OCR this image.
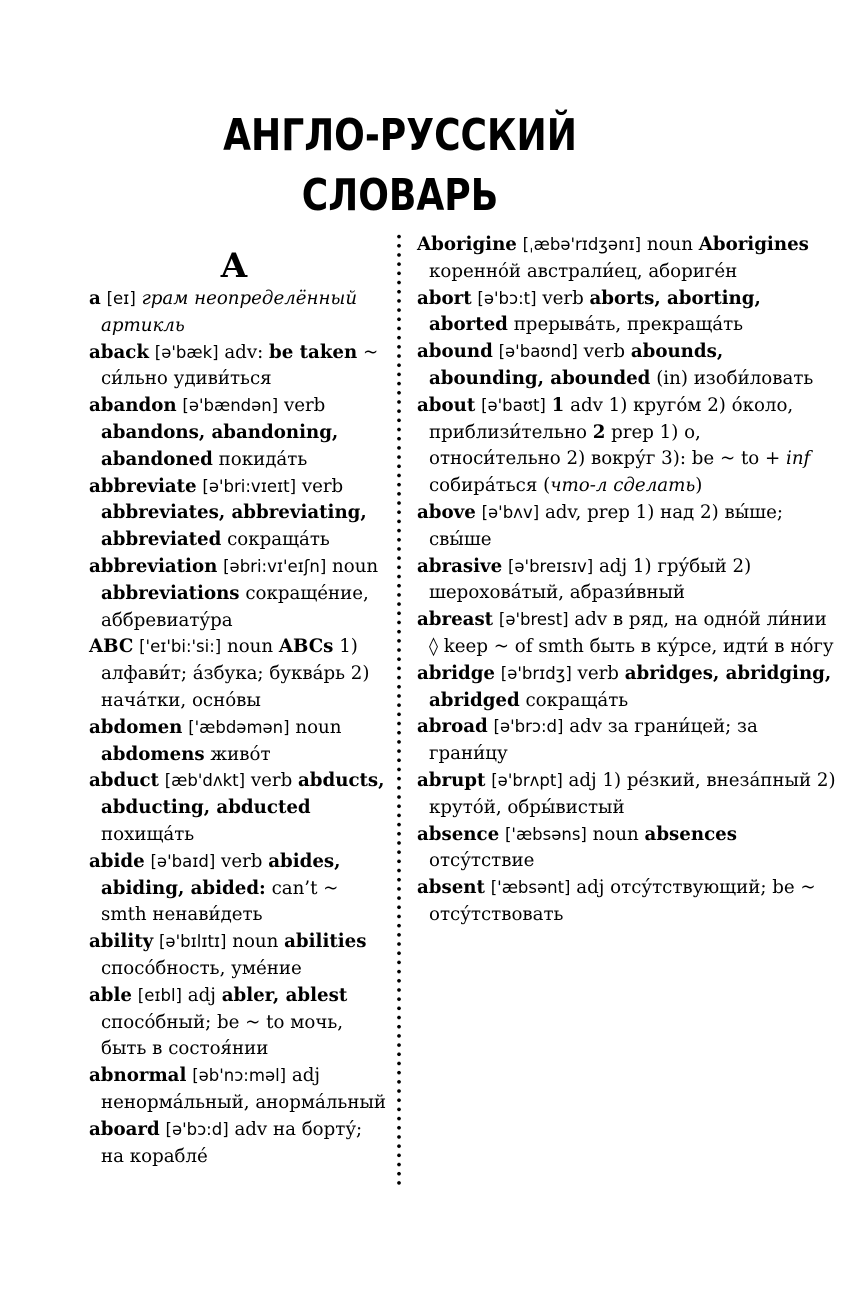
АНГЛО-РУССКИЙ
СЛОВАРЬ
A
a [eɪ] грам неопределённый артикль
aback [ə'bæk] adv: be taken ~ си́льно удиви́ться
abandon [ə'bændən] verb abandons, abandoning, abandoned покида́ть
abbreviate [ə'bri:vɪeɪt] verb abbreviates, abbreviating, abbreviated сокраща́ть
abbreviation [əbri:vɪ'eɪʃn] noun abbreviations сокраще́ние, аббревиату́ра
ABC ['eɪ'bi:'si:] noun ABCs 1) алфави́т; а́збука; буква́рь 2) нача́тки, осно́вы
abdomen ['æbdəmən] noun abdomens живо́т
abduct [æb'dʌkt] verb abducts, abducting, abducted похища́ть
abide [ə'baɪd] verb abides, abiding, abided: can’t ~ smth ненави́деть
ability [ə'bɪlɪtɪ] noun abilities спосо́бность, уме́ние
able [eɪbl] adj abler, ablest спосо́бный; be ~ to мочь, быть в состоя́нии
abnormal [əb'nɔ:məl] adj ненорма́льный, анорма́льный
aboard [ə'bɔ:d] adv на борту́; на корабле́
Aborigine [ˌæbə'rɪdʒənɪ] noun Aborigines коренно́й австрали́ец, абориге́н
abort [ə'bɔ:t] verb aborts, aborting, aborted прерыва́ть, прекраща́ть
abound [ə'baʊnd] verb abounds, abounding, abounded (in) изоби́ловать
about [ə'baʊt] 1 adv 1) круго́м 2) о́коло, приблизи́тельно 2 prep 1) о, относи́тельно 2) вокру́г 3): be ~ to + inf собира́ться (что-л сделать)
above [ə'bʌv] adv, prep 1) над 2) вы́ше; свы́ше
abrasive [ə'breɪsɪv] adj 1) гру́бый 2) шерохова́тый, абрази́вный
abreast [ə'brest] adv в ряд, на одно́й ли́нии ◊ keep ~ of smth быть в ку́рсе, идти́ в но́гу
abridge [ə'brɪdʒ] verb abridges, abridging, abridged сокраща́ть
abroad [ə'brɔ:d] adv за грани́цей; за грани́цу
abrupt [ə'brʌpt] adj 1) ре́зкий, внеза́пный 2) круто́й, обры́вистый
absence ['æbsəns] noun absences отсу́тствие
absent ['æbsənt] adj отсу́тствующий; be ~ отсу́тствовать
